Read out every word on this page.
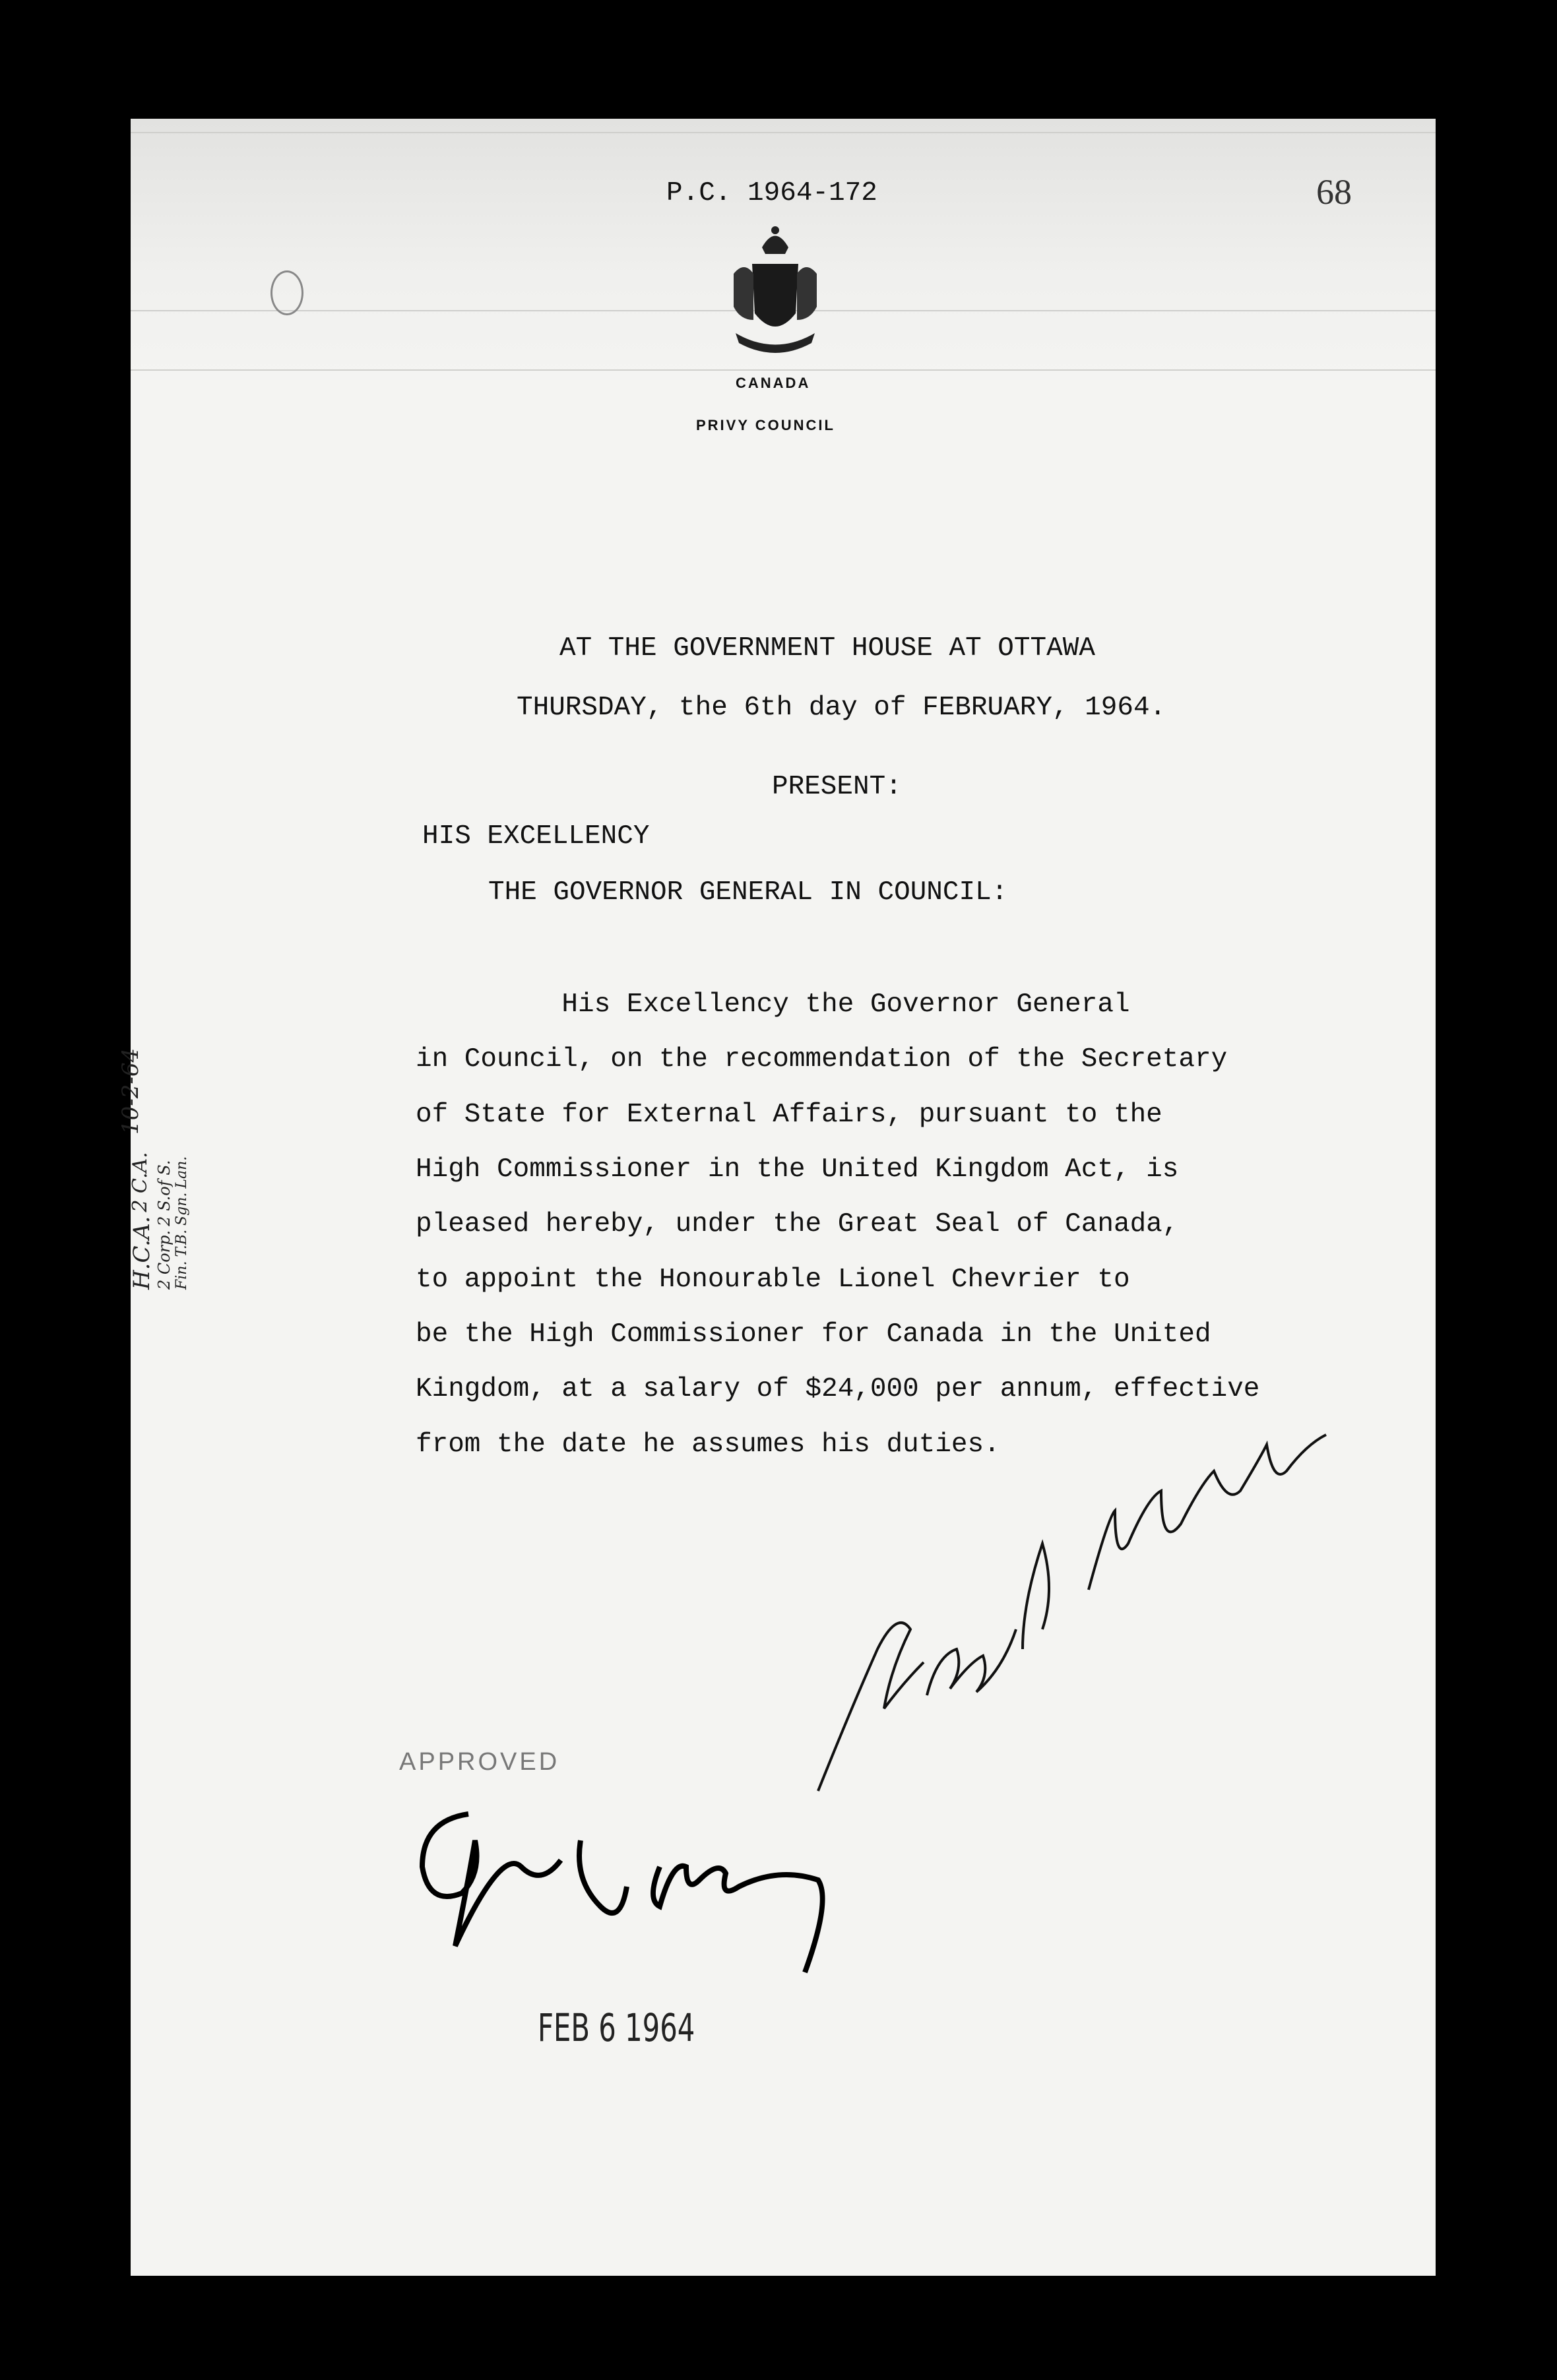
P.C. 1964-172	68
CANADA
PRIVY COUNCIL
AT THE GOVERNMENT HOUSE AT OTTAWA
THURSDAY, the 6th day of FEBRUARY, 1964.
PRESENT:
HIS EXCELLENCY
THE GOVERNOR GENERAL IN COUNCIL:
His Excellency the Governor General
in Council, on the recommendation of the Secretary
of State for External Affairs, pursuant to the
High Commissioner in the United Kingdom Act, is
pleased hereby, under the Great Seal of Canada,
to appoint the Honourable Lionel Chevrier to
be the High Commissioner for Canada in the United
Kingdom, at a salary of $24,000 per annum, effective
from the date he assumes his duties.
10-2-64
H.C.A.
2 C.A.
2 Corp.
2 S.of S.
Fin.
T.B.
Sgn.
Lan.
APPROVED
FEB 6 1964
